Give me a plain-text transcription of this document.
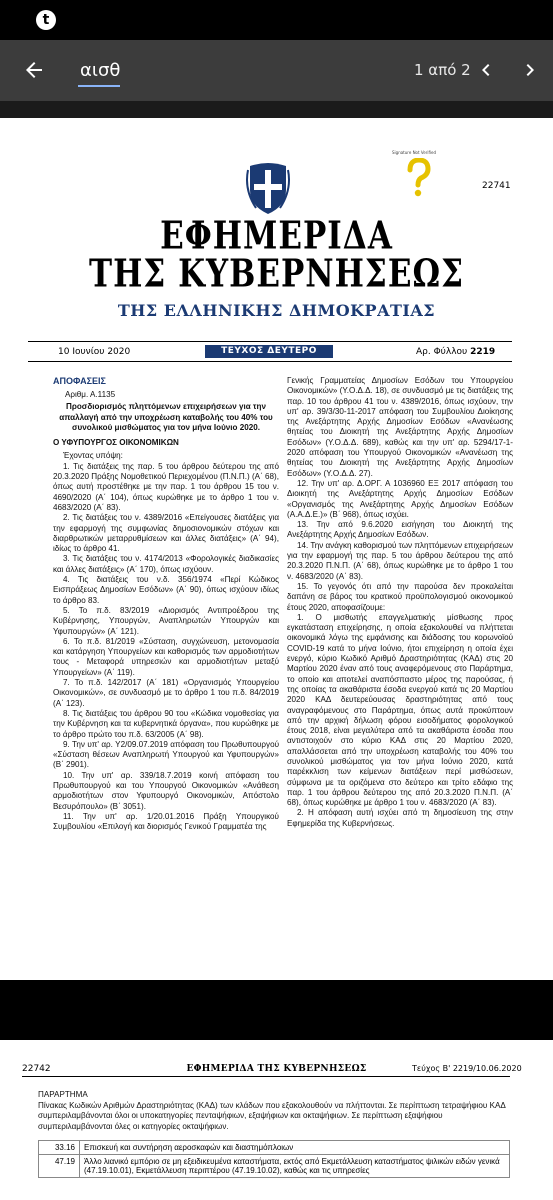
t
αισθ
1 από 2
Signature Not Verified
22741
ΕΦΗΜΕΡΙΔΑ
ΤΗΣ ΚΥΒΕΡΝΗΣΕΩΣ
ΤΗΣ ΕΛΛΗΝΙΚΗΣ ΔΗΜΟΚΡΑΤΙΑΣ
10 Ιουνίου 2020	ΤΕΥΧΟΣ ΔΕΥΤΕΡΟ	Αρ. Φύλλου 2219

ΑΠΟΦΑΣΕΙΣ

Αριθμ. Α.1135

Προσδιορισμός πληττόμενων επιχειρήσεων για την απαλλαγή από την υποχρέωση καταβολής του 40% του συνολικού μισθώματος για τον μήνα Ιούνιο 2020.

Ο ΥΦΥΠΟΥΡΓΟΣ ΟΙΚΟΝΟΜΙΚΩΝ

Έχοντας υπόψη:

1. Τις διατάξεις της παρ. 5 του άρθρου δεύτερου της από 20.3.2020 Πράξης Νομοθετικού Περιεχομένου (Π.Ν.Π.) (Α΄ 68), όπως αυτή προστέθηκε με την παρ. 1 του άρθρου 15 του ν. 4690/2020 (Α΄ 104), όπως κυρώθηκε με το άρθρο 1 του ν. 4683/2020 (Α΄ 83).

2. Τις διατάξεις του ν. 4389/2016 «Επείγουσες διατάξεις για την εφαρμογή της συμφωνίας δημοσιονομικών στόχων και διαρθρωτικών μεταρρυθμίσεων και άλλες διατάξεις» (Α΄ 94), ιδίως το άρθρο 41.

3. Τις διατάξεις του ν. 4174/2013 «Φορολογικές διαδικασίες και άλλες διατάξεις» (Α΄ 170), όπως ισχύουν.

4. Τις διατάξεις του ν.δ. 356/1974 «Περί Κώδικος Εισπράξεως Δημοσίων Εσόδων» (Α΄ 90), όπως ισχύουν ιδίως το άρθρο 83.

5. Το π.δ. 83/2019 «Διορισμός Αντιπροέδρου της Κυβέρνησης, Υπουργών, Αναπληρωτών Υπουργών και Υφυπουργών» (Α΄ 121).

6. Το π.δ. 81/2019 «Σύσταση, συγχώνευση, μετονομασία και κατάργηση Υπουργείων και καθορισμός των αρμοδιοτήτων τους - Μεταφορά υπηρεσιών και αρμοδιοτήτων μεταξύ Υπουργείων» (Α΄ 119).

7. Το π.δ. 142/2017 (Α΄ 181) «Οργανισμός Υπουργείου Οικονομικών», σε συνδυασμό με το άρθρο 1 του π.δ. 84/2019 (Α΄ 123).

8. Τις διατάξεις του άρθρου 90 του «Κώδικα νομοθεσίας για την Κυβέρνηση και τα κυβερνητικά όργανα», που κυρώθηκε με το άρθρο πρώτο του π.δ. 63/2005 (Α΄ 98).

9. Την υπ' αρ. Υ2/09.07.2019 απόφαση του Πρωθυπουργού «Σύσταση θέσεων Αναπληρωτή Υπουργού και Υφυπουργών» (Β΄ 2901).

10. Την υπ' αρ. 339/18.7.2019 κοινή απόφαση του Πρωθυπουργού και του Υπουργού Οικονομικών «Ανάθεση αρμοδιοτήτων στον Υφυπουργό Οικονομικών, Απόστολο Βεσυρόπουλο» (Β΄ 3051).

11. Την υπ' αρ. 1/20.01.2016 Πράξη Υπουργικού Συμβουλίου «Επιλογή και διορισμός Γενικού Γραμματέα της

Γενικής Γραμματείας Δημοσίων Εσόδων του Υπουργείου Οικονομικών» (Υ.Ο.Δ.Δ. 18), σε συνδυασμό με τις διατάξεις της παρ. 10 του άρθρου 41 του ν. 4389/2016, όπως ισχύουν, την υπ' αρ. 39/3/30-11-2017 απόφαση του Συμβουλίου Διοίκησης της Ανεξάρτητης Αρχής Δημοσίων Εσόδων «Ανανέωσης θητείας του Διοικητή της Ανεξάρτητης Αρχής Δημοσίων Εσόδων» (Υ.Ο.Δ.Δ. 689), καθώς και την υπ' αρ. 5294/17-1-2020 απόφαση του Υπουργού Οικονομικών «Ανανέωση της θητείας του Διοικητή της Ανεξάρτητης Αρχής Δημοσίων Εσόδων» (Υ.Ο.Δ.Δ. 27).

12. Την υπ' αρ. Δ.ΟΡΓ. Α 1036960 ΕΞ 2017 απόφαση του Διοικητή της Ανεξάρτητης Αρχής Δημοσίων Εσόδων «Οργανισμός της Ανεξάρτητης Αρχής Δημοσίων Εσόδων (Α.Α.Δ.Ε.)» (Β΄ 968), όπως ισχύει.

13. Την από 9.6.2020 εισήγηση του Διοικητή της Ανεξάρτητης Αρχής Δημοσίων Εσόδων.

14. Την ανάγκη καθορισμού των πληττόμενων επιχειρήσεων για την εφαρμογή της παρ. 5 του άρθρου δεύτερου της από 20.3.2020 Π.Ν.Π. (Α΄ 68), όπως κυρώθηκε με το άρθρο 1 του ν. 4683/2020 (Α΄ 83).

15. Το γεγονός ότι από την παρούσα δεν προκαλείται δαπάνη σε βάρος του κρατικού προϋπολογισμού οικονομικού έτους 2020, αποφασίζουμε:

1. Ο μισθωτής επαγγελματικής μίσθωσης προς εγκατάσταση επιχείρησης, η οποία εξακολουθεί να πλήττεται οικονομικά λόγω της εμφάνισης και διάδοσης του κορωνοϊού COVID-19 κατά το μήνα Ιούνιο, ήτοι επιχείρηση η οποία έχει ενεργό, κύριο Κωδικό Αριθμό Δραστηριότητας (ΚΑΔ) στις 20 Μαρτίου 2020 έναν από τους αναφερόμενους στο Παράρτημα, το οποίο και αποτελεί αναπόσπαστο μέρος της παρούσας, ή της οποίας τα ακαθάριστα έσοδα ενεργού κατά τις 20 Μαρτίου 2020 ΚΑΔ δευτερεύουσας δραστηριότητας από τους αναγραφόμενους στο Παράρτημα, όπως αυτά προκύπτουν από την αρχική δήλωση φόρου εισοδήματος φορολογικού έτους 2018, είναι μεγαλύτερα από τα ακαθάριστα έσοδα που αντιστοιχούν στο κύριο ΚΑΔ στις 20 Μαρτίου 2020, απαλλάσσεται από την υποχρέωση καταβολής του 40% του συνολικού μισθώματος για τον μήνα Ιούνιο 2020, κατά παρέκκλιση των κείμενων διατάξεων περί μισθώσεων, σύμφωνα με τα οριζόμενα στο δεύτερο και τρίτο εδάφιο της παρ. 1 του άρθρου δεύτερου της από 20.3.2020 Π.Ν.Π. (Α΄ 68), όπως κυρώθηκε με άρθρο 1 του ν. 4683/2020 (Α΄ 83).

2. Η απόφαση αυτή ισχύει από τη δημοσίευση της στην Εφημερίδα της Κυβερνήσεως.

22742	ΕΦΗΜΕΡΙΔΑ ΤΗΣ ΚΥΒΕΡΝΗΣΕΩΣ	Τεύχος Β' 2219/10.06.2020

ΠΑΡΑΡΤΗΜΑ

Πίνακας Κωδικών Αριθμών Δραστηριότητας (ΚΑΔ) των κλάδων που εξακολουθούν να πλήττονται. Σε περίπτωση τετραψήφιου ΚΑΔ συμπεριλαμβάνονται όλοι οι υποκατηγορίες πενταψήφιων, εξαψήφιων και οκταψήφιων. Σε περίπτωση εξαψήφιου συμπεριλαμβάνονται όλες οι κατηγορίες οκταψήφιων.

33.16	Επισκευή και συντήρηση αεροσκαφών και διαστημόπλοιων
47.19	Άλλο λιανικό εμπόριο σε μη εξειδικευμένα καταστήματα, εκτός από Εκμετάλλευση καταστήματος ψιλικών ειδών γενικά (47.19.10.01), Εκμετάλλευση περιπτέρου (47.19.10.02), καθώς και τις υπηρεσίες
